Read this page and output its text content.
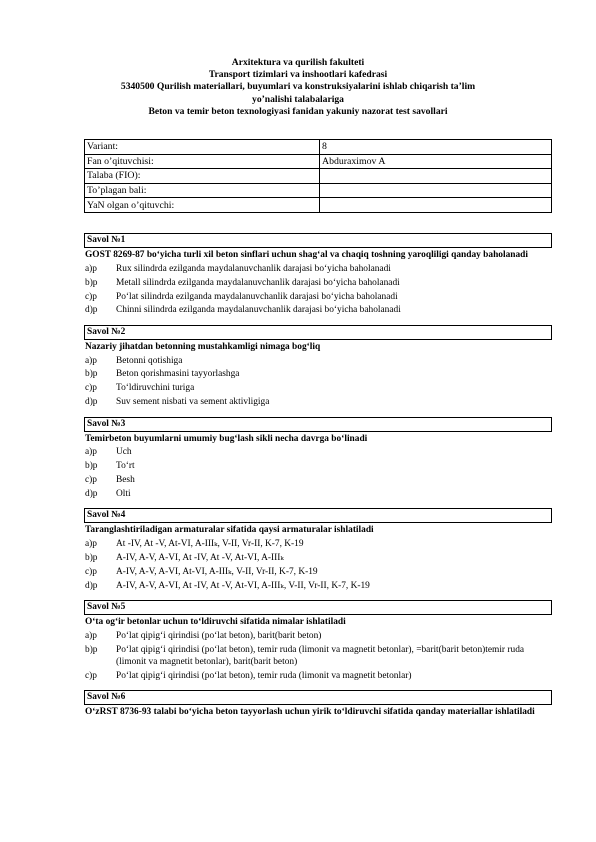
Arxitektura va qurilish fakulteti
Transport tizimlari va inshootlari kafedrasi
5340500 Qurilish materiallari, buyumlari va konstruksiyalarini ishlab chiqarish ta’lim
yo’nalishi talabalariga
Beton va temir beton texnologiyasi fanidan yakuniy nazorat test savollari
Variant:	8
Fan o’qituvchisi:	Abduraximov A
Talaba (FIO):	
To’plagan bali:	
YaN olgan o’qituvchi:	
Savol №1
GOST 8269-87 bo‘yicha turli xil beton sinflari uchun shag‘al va chaqiq toshning yaroqliligi qanday baholanadi
a)p	Rux silindrda ezilganda maydalanuvchanlik darajasi bo‘yicha baholanadi
b)p	Metall silindrda ezilganda maydalanuvchanlik darajasi bo‘yicha baholanadi
c)p	Po‘lat silindrda ezilganda maydalanuvchanlik darajasi bo‘yicha baholanadi
d)p	Chinni silindrda ezilganda maydalanuvchanlik darajasi bo‘yicha baholanadi
Savol №2
Nazariy jihatdan betonning mustahkamligi nimaga bog‘liq
a)p	Betonni qotishiga
b)p	Beton qorishmasini tayyorlashga
c)p	To‘ldiruvchini turiga
d)p	Suv sement nisbati va sement aktivligiga
Savol №3
Temirbeton buyumlarni umumiy bug‘lash sikli necha davrga bo‘linadi
a)p	Uch
b)p	To‘rt
c)p	Besh
d)p	Olti
Savol №4
Taranglashtiriladigan armaturalar sifatida qaysi armaturalar ishlatiladi
a)p	At -IV, At -V, At-VI, A-IIIₖ, V-II, Vr-II, K-7, K-19
b)p	A-IV, A-V, A-VI, At -IV, At -V, At-VI, A-IIIₖ
c)p	A-IV, A-V, A-VI, At-VI, A-IIIₖ, V-II, Vr-II, K-7, K-19
d)p	A-IV, A-V, A-VI, At -IV, At -V, At-VI, A-IIIₖ, V-II, Vr-II, K-7, K-19
Savol №5
O‘ta og‘ir betonlar uchun to‘ldiruvchi sifatida nimalar ishlatiladi
a)p	Po‘lat qipig‘i qirindisi (po‘lat beton), barit(barit beton)
b)p	Po‘lat qipig‘i qirindisi (po‘lat beton), temir ruda (limonit va magnetit betonlar), =barit(barit beton)temir ruda (limonit va magnetit betonlar), barit(barit beton)
c)p	Po‘lat qipig‘i qirindisi (po‘lat beton), temir ruda (limonit va magnetit betonlar)
Savol №6
O‘zRST 8736-93 talabi bo‘yicha beton tayyorlash uchun yirik to‘ldiruvchi sifatida qanday materiallar ishlatiladi
